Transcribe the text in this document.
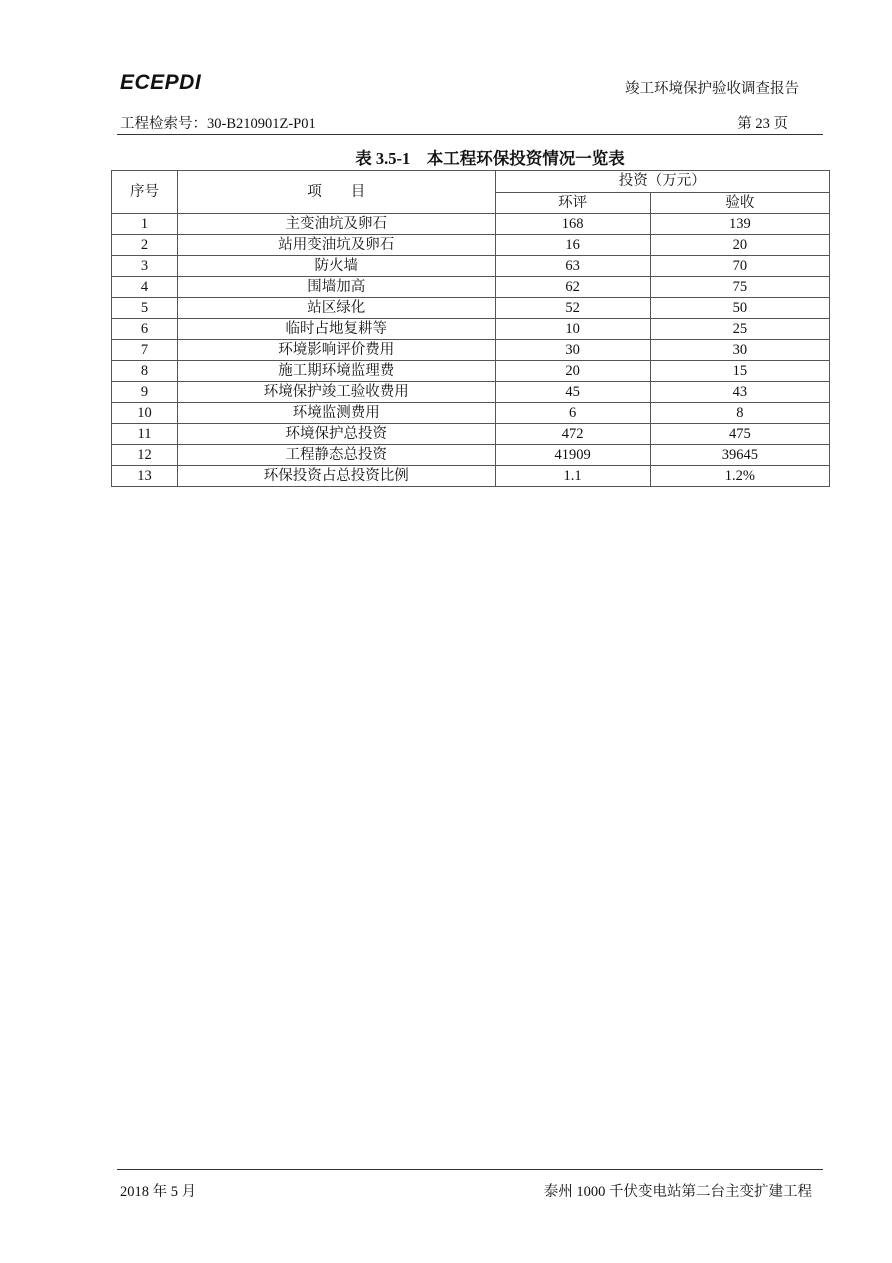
ECEPDI	竣工环境保护验收调查报告
工程检索号：30-B210901Z-P01	第 23 页
表 3.5-1　本工程环保投资情况一览表
序号	项　　目	投资（万元）	
		环评	验收
1	主变油坑及卵石	168	139
2	站用变油坑及卵石	16	20
3	防火墙	63	70
4	围墙加高	62	75
5	站区绿化	52	50
6	临时占地复耕等	10	25
7	环境影响评价费用	30	30
8	施工期环境监理费	20	15
9	环境保护竣工验收费用	45	43
10	环境监测费用	6	8
11	环境保护总投资	472	475
12	工程静态总投资	41909	39645
13	环保投资占总投资比例	1.1	1.2%
2018 年 5 月	泰州 1000 千伏变电站第二台主变扩建工程
